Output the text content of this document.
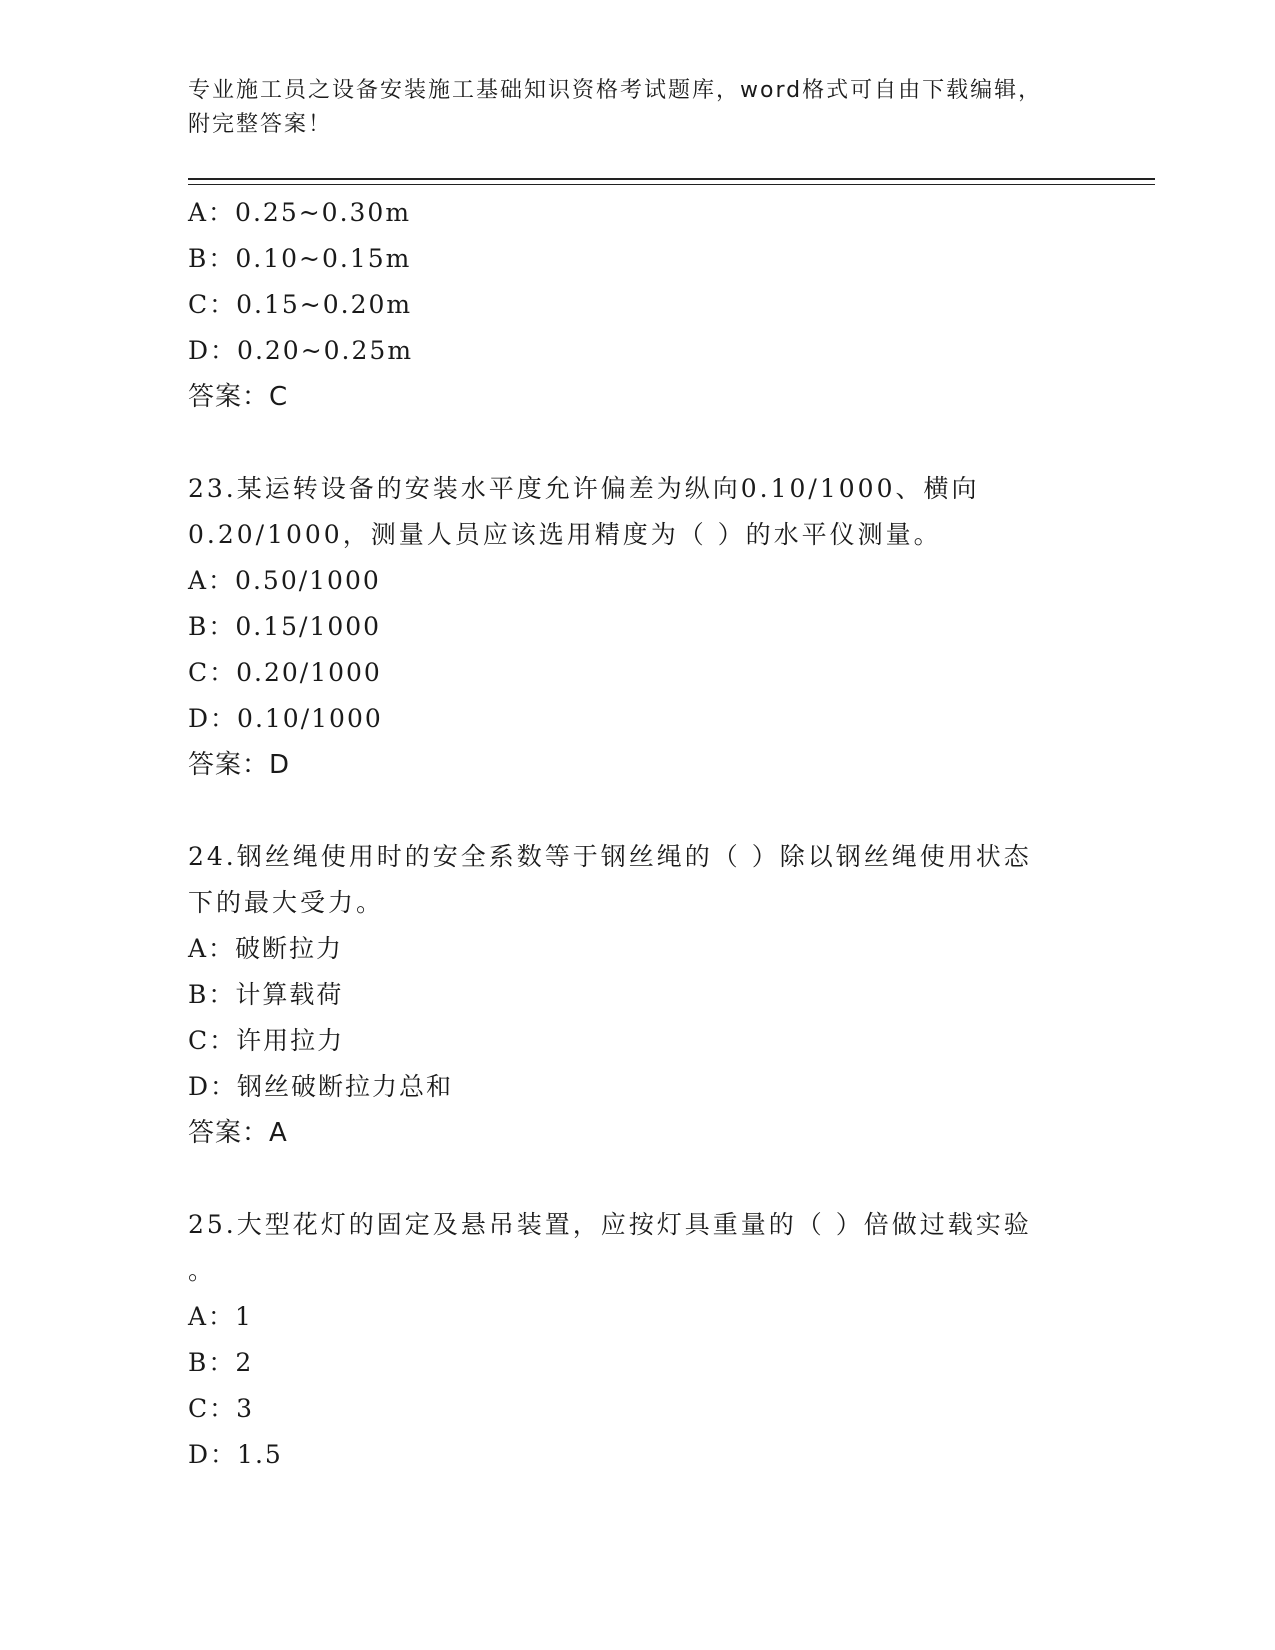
专业施工员之设备安装施工基础知识资格考试题库，word格式可自由下载编辑，
附完整答案！
A：0.25~0.30m
B：0.10~0.15m
C：0.15~0.20m
D：0.20~0.25m
答案：C
23.某运转设备的安装水平度允许偏差为纵向0.10/1000、横向
0.20/1000，测量人员应该选用精度为（ ）的水平仪测量。
A：0.50/1000
B：0.15/1000
C：0.20/1000
D：0.10/1000
答案：D
24.钢丝绳使用时的安全系数等于钢丝绳的（ ）除以钢丝绳使用状态
下的最大受力。
A：破断拉力
B：计算载荷
C：许用拉力
D：钢丝破断拉力总和
答案：A
25.大型花灯的固定及悬吊装置，应按灯具重量的（ ）倍做过载实验
。
A：1
B：2
C：3
D：1.5
